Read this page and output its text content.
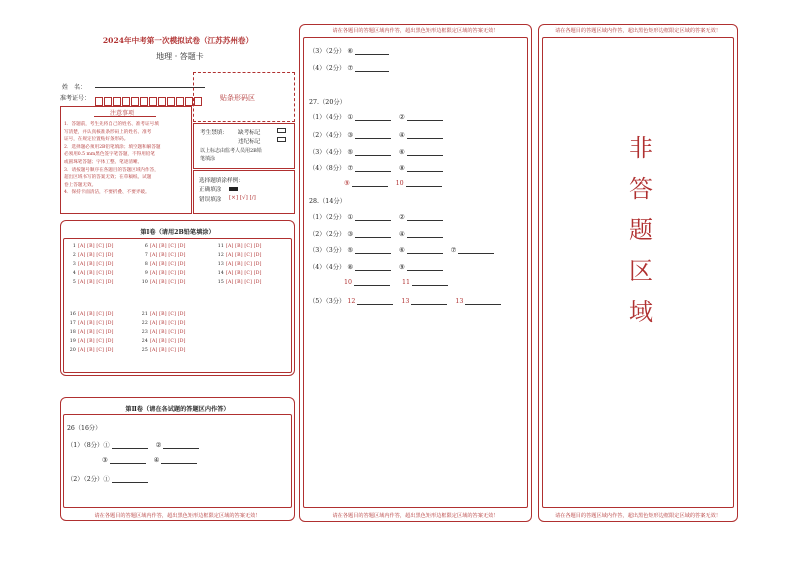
2024年中考第一次模拟试卷（江苏苏州卷）
地理 · 答题卡
姓　名：
准考证号：	贴条形码区
注意事项
1．答题前，考生先将自己的姓名、准考证号填
写清楚，并认真核准条形码上的姓名、准考
证号，在规定位置贴好条形码。
2．选择题必须用2B铅笔填涂；填空题和解答题
必须用0.5 mm黑色签字笔答题，不得用铅笔
或圆珠笔答题；字体工整、笔迹清晰。
3．请按题号顺序在各题目的答题区域内作答，
超出区域书写的答案无效；在草稿纸、试题
卷上答题无效。
4．保持卡面清洁，不要折叠、不要弄破。
考生禁填： 缺考标记
违纪标记
以上标志由监考人员用2B铅
笔填涂
选择题填涂样例：
正确填涂
错误填涂 [×] [√] [/]
第Ⅰ卷（请用2B铅笔填涂）
1 [A] [B] [C] [D]
2 [A] [B] [C] [D]
3 [A] [B] [C] [D]
4 [A] [B] [C] [D]
5 [A] [B] [C] [D]
6 [A] [B] [C] [D]
7 [A] [B] [C] [D]
8 [A] [B] [C] [D]
9 [A] [B] [C] [D]
10 [A] [B] [C] [D]
11 [A] [B] [C] [D]
12 [A] [B] [C] [D]
13 [A] [B] [C] [D]
14 [A] [B] [C] [D]
15 [A] [B] [C] [D]
16 [A] [B] [C] [D]
17 [A] [B] [C] [D]
18 [A] [B] [C] [D]
19 [A] [B] [C] [D]
20 [A] [B] [C] [D]
21 [A] [B] [C] [D]
22 [A] [B] [C] [D]
23 [A] [B] [C] [D]
24 [A] [B] [C] [D]
25 [A] [B] [C] [D]
第Ⅱ卷（请在各试题的答题区内作答）
26（16分）
（1）（8分）①	②
③	④
（2）（2分）①
请在各题目的答题区域内作答，超出黑色矩形边框限定区域的答案无效！
请在各题目的答题区域内作答，超出黑色矩形边框限定区域的答案无效！
（3）（2分） ⑥
（4）（2分） ⑦
27.（20分）
（1）（4分） ①	②
（2）（4分） ③	④
（3）（4分） ⑤	⑥
（4）（8分） ⑦	⑧
⑨	10
28.（14分）
（1）（2分） ①	②
（2）（2分） ③	④
（3）（3分） ⑤	⑥	⑦
（4）（4分） ⑧	⑨
10	11
（5）（3分） 12	13	13
请在各题目的答题区域内作答，超出黑色矩形边框限定区域的答案无效！
请在各题目的答题区域内作答，超出黑色矩形边框限定区域的答案无效！
非
答
题
区
域
请在各题目的答题区域内作答，超出黑色矩形边框限定区域的答案无效！
